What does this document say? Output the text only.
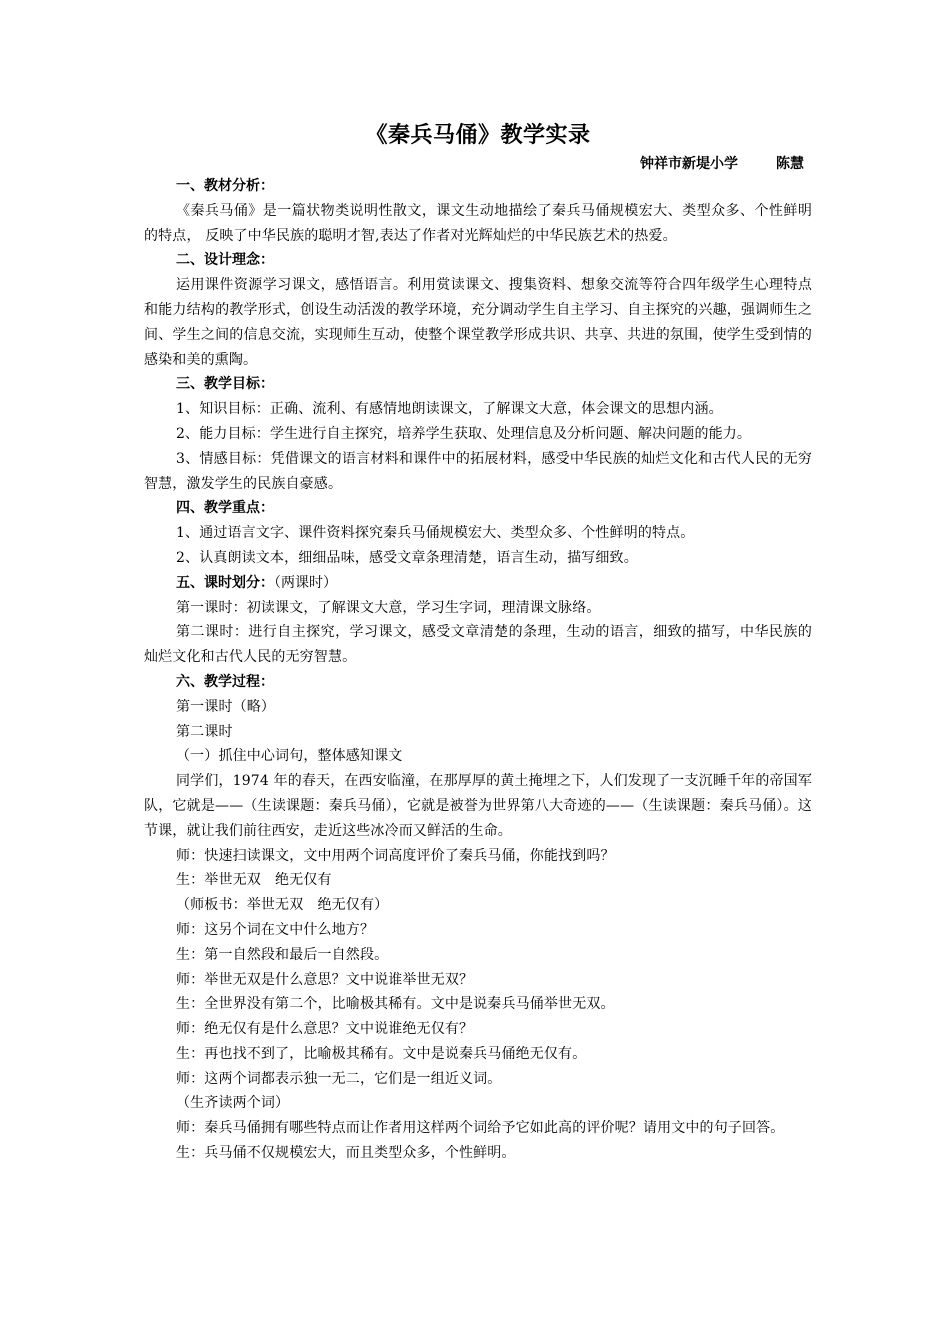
《秦兵马俑》教学实录

钟祥市新堤小学	陈慧

一、教材分析：

《秦兵马俑》是一篇状物类说明性散文，课文生动地描绘了秦兵马俑规模宏大、类型众多、个性鲜明的特点， 反映了中华民族的聪明才智,表达了作者对光辉灿烂的中华民族艺术的热爱。

二、设计理念：

运用课件资源学习课文，感悟语言。利用赏读课文、搜集资料、想象交流等符合四年级学生心理特点和能力结构的教学形式，创设生动活泼的教学环境，充分调动学生自主学习、自主探究的兴趣，强调师生之间、学生之间的信息交流，实现师生互动，使整个课堂教学形成共识、共享、共进的氛围，使学生受到情的感染和美的熏陶。

三、教学目标：

1、知识目标：正确、流利、有感情地朗读课文，了解课文大意，体会课文的思想内涵。

2、能力目标：学生进行自主探究，培养学生获取、处理信息及分析问题、解决问题的能力。

3、情感目标：凭借课文的语言材料和课件中的拓展材料，感受中华民族的灿烂文化和古代人民的无穷智慧，激发学生的民族自豪感。

四、教学重点：

1、通过语言文字、课件资料探究秦兵马俑规模宏大、类型众多、个性鲜明的特点。

2、认真朗读文本，细细品味，感受文章条理清楚，语言生动，描写细致。

五、课时划分：（两课时）

第一课时：初读课文，了解课文大意，学习生字词，理清课文脉络。

第二课时：进行自主探究，学习课文，感受文章清楚的条理，生动的语言，细致的描写，中华民族的灿烂文化和古代人民的无穷智慧。

六、教学过程：

第一课时（略）

第二课时

（一）抓住中心词句，整体感知课文

同学们，1974 年的春天，在西安临潼，在那厚厚的黄土掩埋之下，人们发现了一支沉睡千年的帝国军队，它就是——（生读课题：秦兵马俑），它就是被誉为世界第八大奇迹的——（生读课题：秦兵马俑）。这节课，就让我们前往西安，走近这些冰冷而又鲜活的生命。

师：快速扫读课文，文中用两个词高度评价了秦兵马俑，你能找到吗？

生：举世无双　绝无仅有

（师板书：举世无双　绝无仅有）

师：这另个词在文中什么地方？

生：第一自然段和最后一自然段。

师：举世无双是什么意思？文中说谁举世无双？

生：全世界没有第二个，比喻极其稀有。文中是说秦兵马俑举世无双。

师：绝无仅有是什么意思？文中说谁绝无仅有？

生：再也找不到了，比喻极其稀有。文中是说秦兵马俑绝无仅有。

师：这两个词都表示独一无二，它们是一组近义词。

（生齐读两个词）

师：秦兵马俑拥有哪些特点而让作者用这样两个词给予它如此高的评价呢？请用文中的句子回答。

生：兵马俑不仅规模宏大，而且类型众多，个性鲜明。
